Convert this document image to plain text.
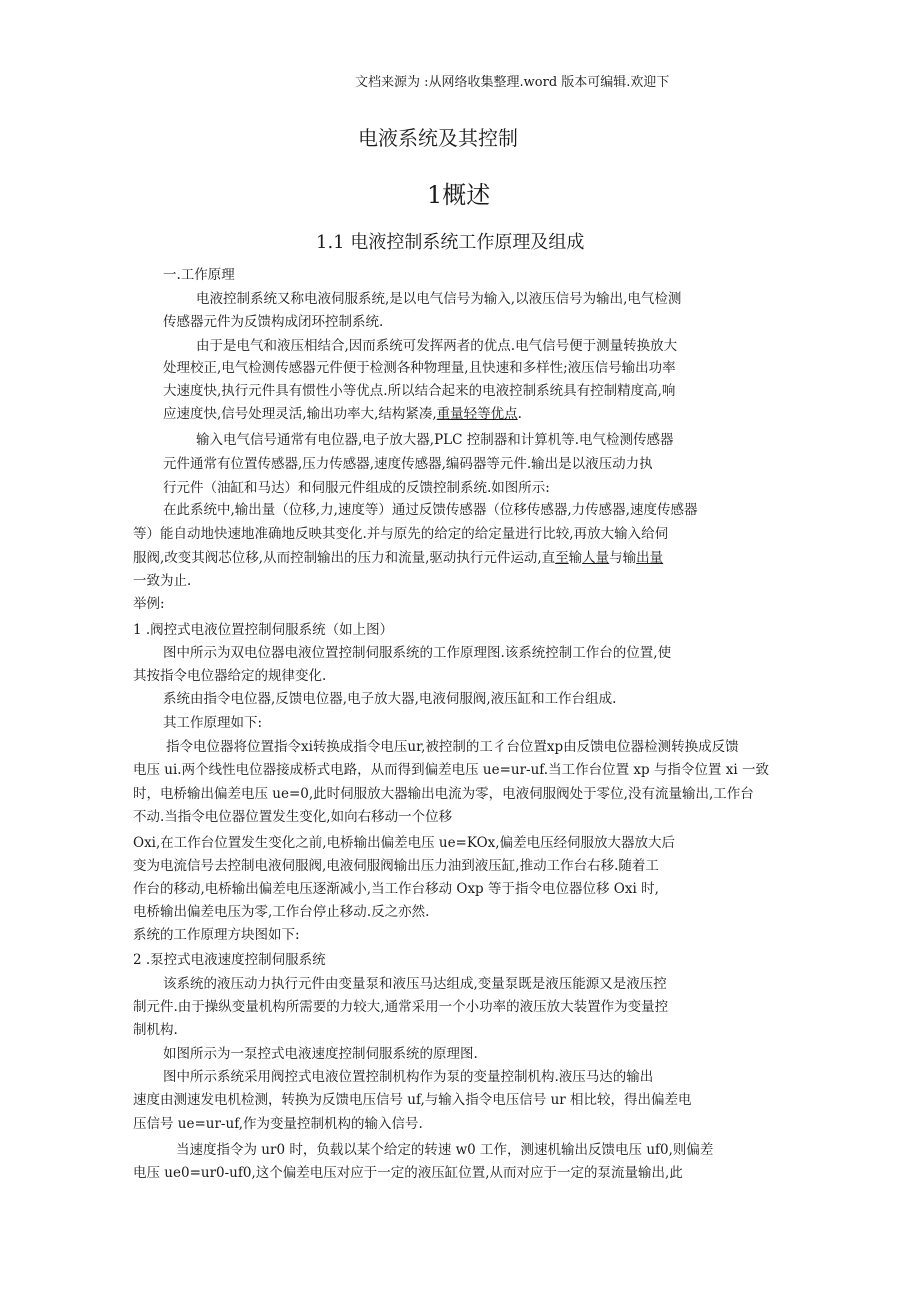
文档来源为 :从网络收集整理.word 版本可编辑.欢迎下
电液系统及其控制
1概述
1.1 电液控制系统工作原理及组成
一.工作原理
电液控制系统又称电液伺服系统,是以电气信号为输入,以液压信号为输出,电气检测
传感器元件为反馈构成闭环控制系统.
由于是电气和液压相结合,因而系统可发挥两者的优点.电气信号便于测量转换放大
处理校正,电气检测传感器元件便于检测各种物理量,且快速和多样性;液压信号输出功率
大速度快,执行元件具有惯性小等优点.所以结合起来的电液控制系统具有控制精度高,响
应速度快,信号处理灵活,输出功率大,结构紧凑,重量轻等优点.
输入电气信号通常有电位器,电子放大器,PLC 控制器和计算机等.电气检测传感器
元件通常有位置传感器,压力传感器,速度传感器,编码器等元件.输出是以液压动力执
行元件（油缸和马达）和伺服元件组成的反馈控制系统.如图所示:
在此系统中,输出量（位移,力,速度等）通过反馈传感器（位移传感器,力传感器,速度传感器
等）能自动地快速地准确地反映其变化.并与原先的给定的给定量进行比较,再放大输入给伺
服阀,改变其阀芯位移,从而控制输出的压力和流量,驱动执行元件运动,直至输人量与输出量
一致为止.
举例:
1 .阀控式电液位置控制伺服系统（如上图）
图中所示为双电位器电液位置控制伺服系统的工作原理图.该系统控制工作台的位置,使
其按指令电位器给定的规律变化.
系统由指令电位器,反馈电位器,电子放大器,电液伺服阀,液压缸和工作台组成.
其工作原理如下:
指令电位器将位置指令xi转换成指令电压ur,被控制的工彳台位置xp由反馈电位器检测转换成反馈
电压 ui.两个线性电位器接成桥式电路，从而得到偏差电压 ue=ur-uf.当工作台位置 xp 与指令位置 xi 一致
时，电桥输出偏差电压 ue=0,此时伺服放大器输出电流为零，电液伺服阀处于零位,没有流量输出,工作台
不动.当指令电位器位置发生变化,如向右移动一个位移
Oxi,在工作台位置发生变化之前,电桥输出偏差电压 ue=KOx,偏差电压经伺服放大器放大后
变为电流信号去控制电液伺服阀,电液伺服阀输出压力油到液压缸,推动工作台右移.随着工
作台的移动,电桥输出偏差电压逐渐减小,当工作台移动 Oxp 等于指令电位器位移 Oxi 时,
电桥输出偏差电压为零,工作台停止移动.反之亦然.
系统的工作原理方块图如下:
2 .泵控式电液速度控制伺服系统
该系统的液压动力执行元件由变量泵和液压马达组成,变量泵既是液压能源又是液压控
制元件.由于操纵变量机构所需要的力较大,通常采用一个小功率的液压放大装置作为变量控
制机构.
如图所示为一泵控式电液速度控制伺服系统的原理图.
图中所示系统采用阀控式电液位置控制机构作为泵的变量控制机构.液压马达的输出
速度由测速发电机检测，转换为反馈电压信号 uf,与输入指令电压信号 ur 相比较，得出偏差电
压信号 ue=ur-uf,作为变量控制机构的输入信号.
当速度指令为 ur0 时，负载以某个给定的转速 w0 工作，测速机输出反馈电压 uf0,则偏差
电压 ue0=ur0-uf0,这个偏差电压对应于一定的液压缸位置,从而对应于一定的泵流量输出,此
